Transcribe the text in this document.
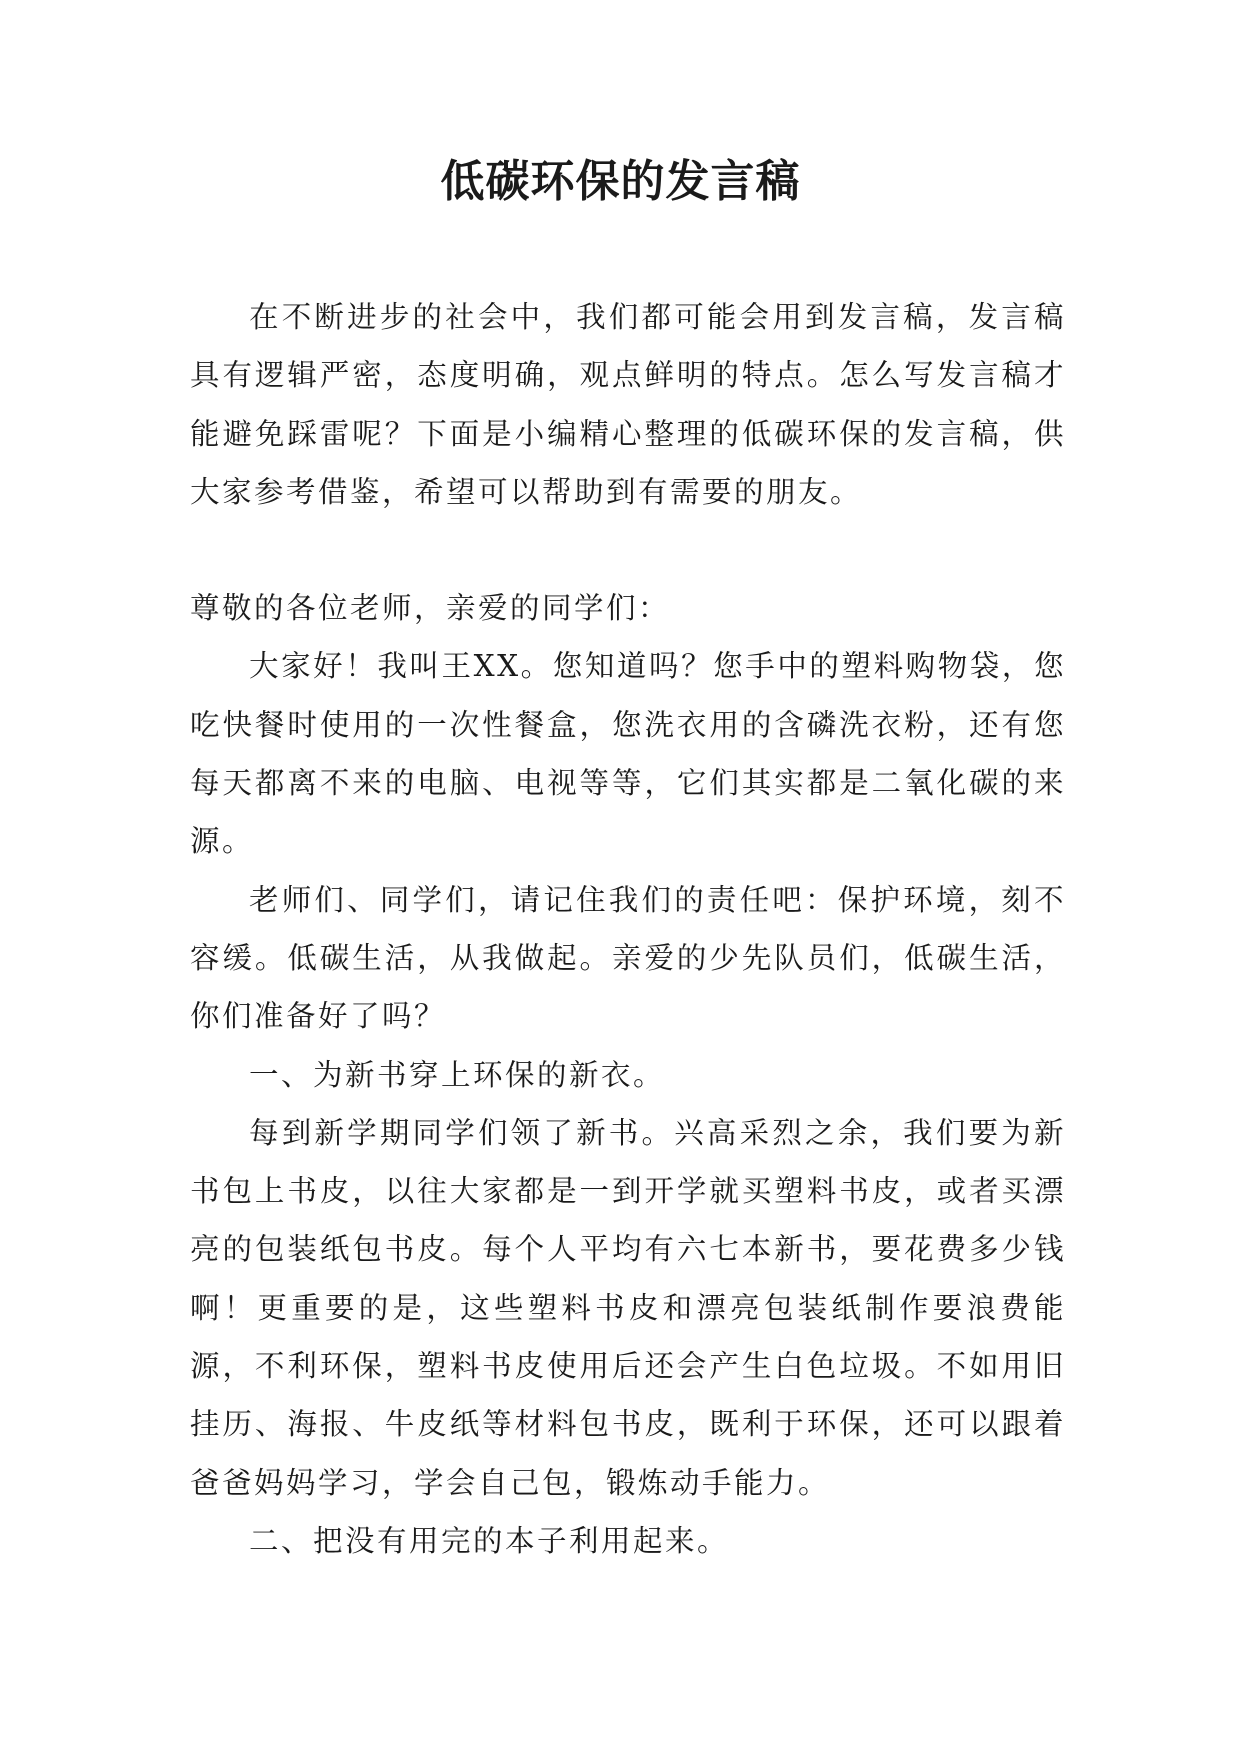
低碳环保的发言稿

在不断进步的社会中，我们都可能会用到发言稿，发言稿具有逻辑严密，态度明确，观点鲜明的特点。怎么写发言稿才能避免踩雷呢？下面是小编精心整理的低碳环保的发言稿，供大家参考借鉴，希望可以帮助到有需要的朋友。

尊敬的各位老师，亲爱的同学们：

大家好！我叫王XX。您知道吗？您手中的塑料购物袋，您吃快餐时使用的一次性餐盒，您洗衣用的含磷洗衣粉，还有您每天都离不来的电脑、电视等等，它们其实都是二氧化碳的来源。

老师们、同学们，请记住我们的责任吧：保护环境，刻不容缓。低碳生活，从我做起。亲爱的少先队员们，低碳生活，你们准备好了吗？

一、为新书穿上环保的新衣。

每到新学期同学们领了新书。兴高采烈之余，我们要为新书包上书皮，以往大家都是一到开学就买塑料书皮，或者买漂亮的包装纸包书皮。每个人平均有六七本新书，要花费多少钱啊！更重要的是，这些塑料书皮和漂亮包装纸制作要浪费能源，不利环保，塑料书皮使用后还会产生白色垃圾。不如用旧挂历、海报、牛皮纸等材料包书皮，既利于环保，还可以跟着爸爸妈妈学习，学会自己包，锻炼动手能力。

二、把没有用完的本子利用起来。
